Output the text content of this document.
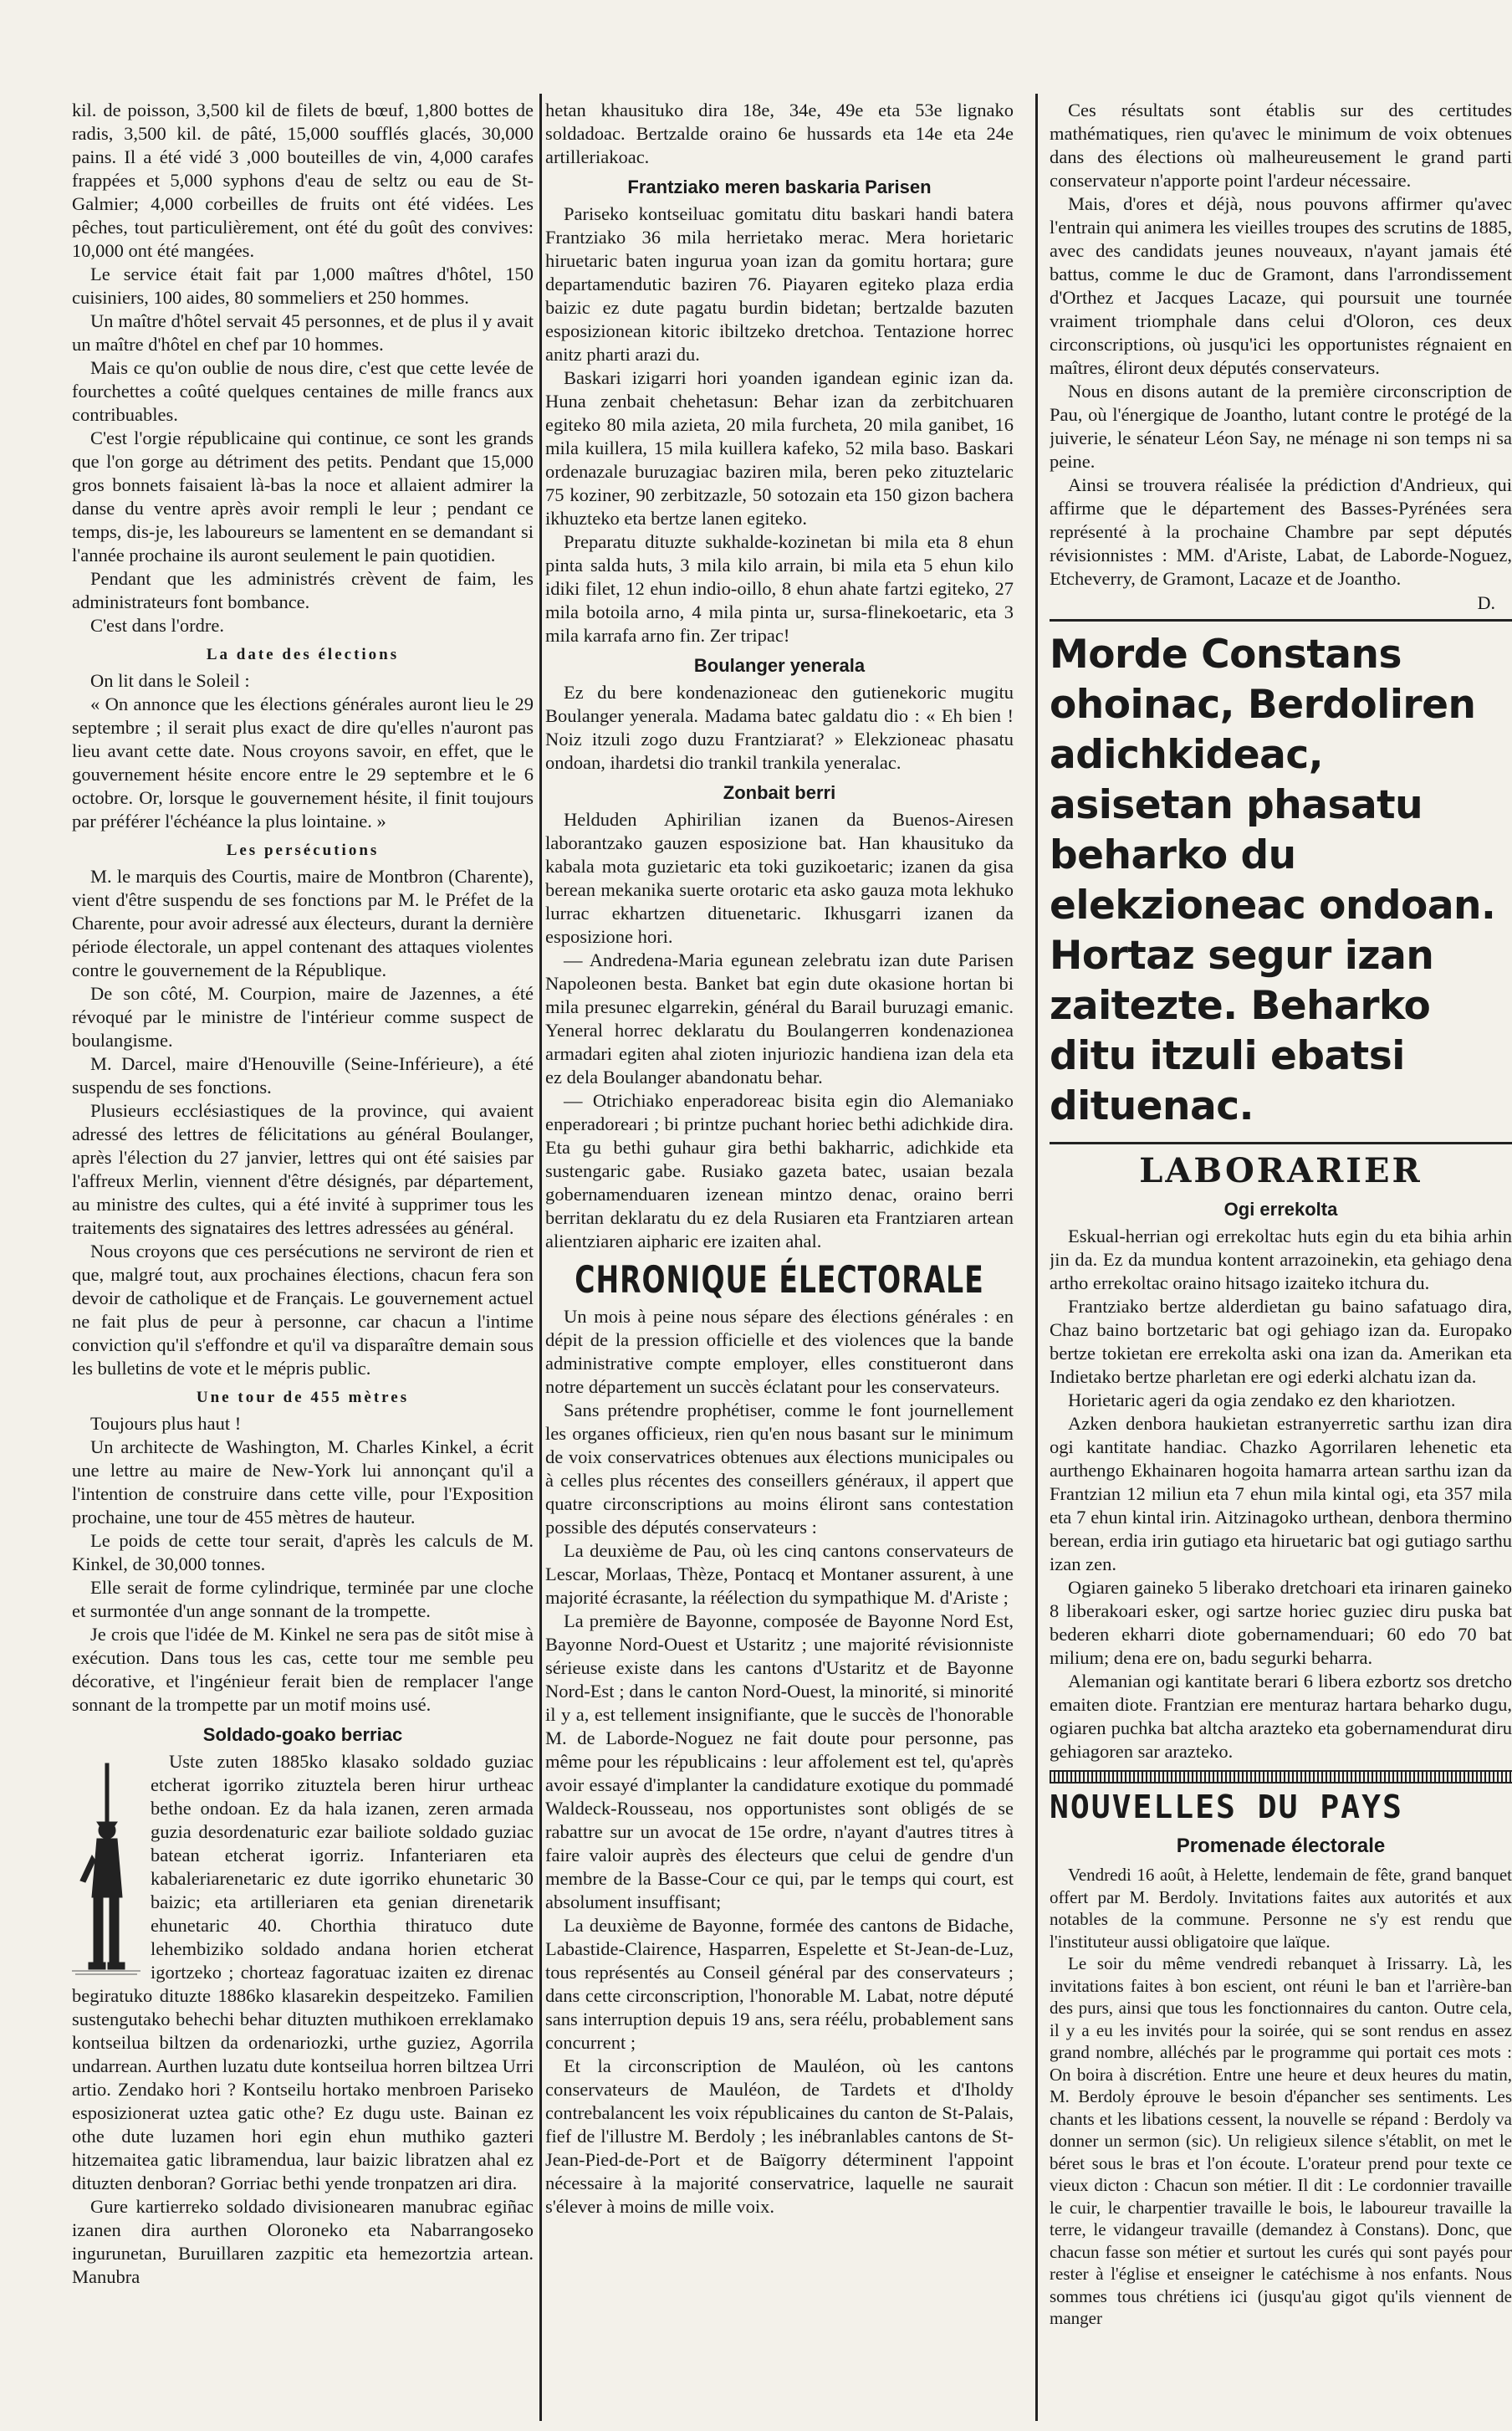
kil. de poisson, 3,500 kil de filets de bœuf, 1,800 bottes de radis, 3,500 kil. de pâté, 15,000 soufflés glacés, 30,000 pains. Il a été vidé 3 ,000 bouteilles de vin, 4,000 carafes frappées et 5,000 syphons d'eau de seltz ou eau de St-Galmier; 4,000 corbeilles de fruits ont été vidées. Les pêches, tout particulièrement, ont été du goût des convives: 10,000 ont été mangées.

Le service était fait par 1,000 maîtres d'hôtel, 150 cuisiniers, 100 aides, 80 sommeliers et 250 hommes.

Un maître d'hôtel servait 45 personnes, et de plus il y avait un maître d'hôtel en chef par 10 hommes.

Mais ce qu'on oublie de nous dire, c'est que cette levée de fourchettes a coûté quelques centaines de mille francs aux contribuables.

C'est l'orgie républicaine qui continue, ce sont les grands que l'on gorge au détriment des petits. Pendant que 15,000 gros bonnets faisaient là-bas la noce et allaient admirer la danse du ventre après avoir rempli le leur ; pendant ce temps, dis-je, les laboureurs se lamentent en se demandant si l'année prochaine ils auront seulement le pain quotidien.

Pendant que les administrés crèvent de faim, les administrateurs font bombance.

C'est dans l'ordre.

La date des élections

On lit dans le Soleil :

« On annonce que les élections générales auront lieu le 29 septembre ; il serait plus exact de dire qu'elles n'auront pas lieu avant cette date. Nous croyons savoir, en effet, que le gouvernement hésite encore entre le 29 septembre et le 6 octobre. Or, lorsque le gouvernement hésite, il finit toujours par préférer l'échéance la plus lointaine. »

Les persécutions

M. le marquis des Courtis, maire de Montbron (Charente), vient d'être suspendu de ses fonctions par M. le Préfet de la Charente, pour avoir adressé aux électeurs, durant la dernière période électorale, un appel contenant des attaques violentes contre le gouvernement de la République.

De son côté, M. Courpion, maire de Jazennes, a été révoqué par le ministre de l'intérieur comme suspect de boulangisme.

M. Darcel, maire d'Henouville (Seine-Inférieure), a été suspendu de ses fonctions.

Plusieurs ecclésiastiques de la province, qui avaient adressé des lettres de félicitations au général Boulanger, après l'élection du 27 janvier, lettres qui ont été saisies par l'affreux Merlin, viennent d'être désignés, par département, au ministre des cultes, qui a été invité à supprimer tous les traitements des signataires des lettres adressées au général.

Nous croyons que ces persécutions ne serviront de rien et que, malgré tout, aux prochaines élections, chacun fera son devoir de catholique et de Français. Le gouvernement actuel ne fait plus de peur à personne, car chacun a l'intime conviction qu'il s'effondre et qu'il va disparaître demain sous les bulletins de vote et le mépris public.

Une tour de 455 mètres

Toujours plus haut !

Un architecte de Washington, M. Charles Kinkel, a écrit une lettre au maire de New-York lui annonçant qu'il a l'intention de construire dans cette ville, pour l'Exposition prochaine, une tour de 455 mètres de hauteur.

Le poids de cette tour serait, d'après les calculs de M. Kinkel, de 30,000 tonnes.

Elle serait de forme cylindrique, terminée par une cloche et surmontée d'un ange sonnant de la trompette.

Je crois que l'idée de M. Kinkel ne sera pas de sitôt mise à exécution. Dans tous les cas, cette tour me semble peu décorative, et l'ingénieur ferait bien de remplacer l'ange sonnant de la trompette par un motif moins usé.

Soldado-goako berriac

Uste zuten 1885ko klasako soldado guziac etcherat igorriko zituztela beren hirur urtheac bethe ondoan. Ez da hala izanen, zeren armada guzia desordenaturic ezar bailiote soldado guziac batean etcherat igorriz. Infanteriaren eta kabaleriarenetaric ez dute igorriko ehunetaric 30 baizic; eta artilleriaren eta genian direnetarik ehunetaric 40. Chorthia thiratuco dute lehembiziko soldado andana horien etcherat igortzeko ; chorteaz fagoratuac izaiten ez direnac begiratuko dituzte 1886ko klasarekin despeitzeko. Familien sustengutako behechi behar dituzten muthikoen erreklamako kontseilua biltzen da ordenariozki, urthe guziez, Agorrila undarrean. Aurthen luzatu dute kontseilua horren biltzea Urri artio. Zendako hori ? Kontseilu hortako menbroen Pariseko esposizionerat uztea gatic othe? Ez dugu uste. Bainan ez othe dute luzamen hori egin ehun muthiko gazteri hitzemaitea gatic libramendua, laur baizic libratzen ahal ez dituzten denboran? Gorriac bethi yende tronpatzen ari dira.

Gure kartierreko soldado divisionearen manubrac egiñac izanen dira aurthen Oloroneko eta Nabarrangoseko ingurunetan, Buruillaren zazpitic eta hemezortzia artean. Manubra

hetan khausituko dira 18e, 34e, 49e eta 53e lignako soldadoac. Bertzalde oraino 6e hussards eta 14e eta 24e artilleriakoac.

Frantziako meren baskaria Parisen

Pariseko kontseiluac gomitatu ditu baskari handi batera Frantziako 36 mila herrietako merac. Mera horietaric hiruetaric baten ingurua yoan izan da gomitu hortara; gure departamendutic baziren 76. Piayaren egiteko plaza erdia baizic ez dute pagatu burdin bidetan; bertzalde bazuten esposizionean kitoric ibiltzeko dretchoa. Tentazione horrec anitz pharti arazi du.

Baskari izigarri hori yoanden igandean eginic izan da. Huna zenbait chehetasun: Behar izan da zerbitchuaren egiteko 80 mila azieta, 20 mila furcheta, 20 mila ganibet, 16 mila kuillera, 15 mila kuillera kafeko, 52 mila baso. Baskari ordenazale buruzagiac baziren mila, beren peko zituztelaric 75 koziner, 90 zerbitzazle, 50 sotozain eta 150 gizon bachera ikhuzteko eta bertze lanen egiteko.

Preparatu dituzte sukhalde-kozinetan bi mila eta 8 ehun pinta salda huts, 3 mila kilo arrain, bi mila eta 5 ehun kilo idiki filet, 12 ehun indio-oillo, 8 ehun ahate fartzi egiteko, 27 mila botoila arno, 4 mila pinta ur, sursa-flinekoetaric, eta 3 mila karrafa arno fin. Zer tripac!

Boulanger yenerala

Ez du bere kondenazioneac den gutienekoric mugitu Boulanger yenerala. Madama batec galdatu dio : « Eh bien ! Noiz itzuli zogo duzu Frantziarat? » Elekzioneac phasatu ondoan, ihardetsi dio trankil trankila yeneralac.

Zonbait berri

Helduden Aphirilian izanen da Buenos-Airesen laborantzako gauzen esposizione bat. Han khausituko da kabala mota guzietaric eta toki guzikoetaric; izanen da gisa berean mekanika suerte orotaric eta asko gauza mota lekhuko lurrac ekhartzen dituenetaric. Ikhusgarri izanen da esposizione hori.

— Andredena-Maria egunean zelebratu izan dute Parisen Napoleonen besta. Banket bat egin dute okasione hortan bi mila presunec elgarrekin, général du Barail buruzagi emanic. Yeneral horrec deklaratu du Boulangerren kondenazionea armadari egiten ahal zioten injuriozic handiena izan dela eta ez dela Boulanger abandonatu behar.

— Otrichiako enperadoreac bisita egin dio Alemaniako enperadoreari ; bi printze puchant horiec bethi adichkide dira. Eta gu bethi guhaur gira bethi bakharric, adichkide eta sustengaric gabe. Rusiako gazeta batec, usaian bezala gobernamenduaren izenean mintzo denac, oraino berri berritan deklaratu du ez dela Rusiaren eta Frantziaren artean alientziaren aipharic ere izaiten ahal.

CHRONIQUE ÉLECTORALE

Un mois à peine nous sépare des élections générales : en dépit de la pression officielle et des violences que la bande administrative compte employer, elles constitueront dans notre département un succès éclatant pour les conservateurs.

Sans prétendre prophétiser, comme le font journellement les organes officieux, rien qu'en nous basant sur le minimum de voix conservatrices obtenues aux élections municipales ou à celles plus récentes des conseillers généraux, il appert que quatre circonscriptions au moins éliront sans contestation possible des députés conservateurs :

La deuxième de Pau, où les cinq cantons conservateurs de Lescar, Morlaas, Thèze, Pontacq et Montaner assurent, à une majorité écrasante, la réélection du sympathique M. d'Ariste ;

La première de Bayonne, composée de Bayonne Nord Est, Bayonne Nord-Ouest et Ustaritz ; une majorité révisionniste sérieuse existe dans les cantons d'Ustaritz et de Bayonne Nord-Est ; dans le canton Nord-Ouest, la minorité, si minorité il y a, est tellement insignifiante, que le succès de l'honorable M. de Laborde-Noguez ne fait doute pour personne, pas même pour les républicains : leur affolement est tel, qu'après avoir essayé d'implanter la candidature exotique du pommadé Waldeck-Rousseau, nos opportunistes sont obligés de se rabattre sur un avocat de 15e ordre, n'ayant d'autres titres à faire valoir auprès des électeurs que celui de gendre d'un membre de la Basse-Cour ce qui, par le temps qui court, est absolument insuffisant;

La deuxième de Bayonne, formée des cantons de Bidache, Labastide-Clairence, Hasparren, Espelette et St-Jean-de-Luz, tous représentés au Conseil général par des conservateurs ; dans cette circonscription, l'honorable M. Labat, notre député sans interruption depuis 19 ans, sera réélu, probablement sans concurrent ;

Et la circonscription de Mauléon, où les cantons conservateurs de Mauléon, de Tardets et d'Iholdy contrebalancent les voix républicaines du canton de St-Palais, fief de l'illustre M. Berdoly ; les inébranlables cantons de St-Jean-Pied-de-Port et de Baïgorry déterminent l'appoint nécessaire à la majorité conservatrice, laquelle ne saurait s'élever à moins de mille voix.

Ces résultats sont établis sur des certitudes mathématiques, rien qu'avec le minimum de voix obtenues dans des élections où malheureusement le grand parti conservateur n'apporte point l'ardeur nécessaire.

Mais, d'ores et déjà, nous pouvons affirmer qu'avec l'entrain qui animera les vieilles troupes des scrutins de 1885, avec des candidats jeunes nouveaux, n'ayant jamais été battus, comme le duc de Gramont, dans l'arrondissement d'Orthez et Jacques Lacaze, qui poursuit une tournée vraiment triomphale dans celui d'Oloron, ces deux circonscriptions, où jusqu'ici les opportunistes régnaient en maîtres, éliront deux députés conservateurs.

Nous en disons autant de la première circonscription de Pau, où l'énergique de Joantho, lutant contre le protégé de la juiverie, le sénateur Léon Say, ne ménage ni son temps ni sa peine.

Ainsi se trouvera réalisée la prédiction d'Andrieux, qui affirme que le département des Basses-Pyrénées sera représenté à la prochaine Chambre par sept députés révisionnistes : MM. d'Ariste, Labat, de Laborde-Noguez, Etcheverry, de Gramont, Lacaze et de Joantho.

D.
Morde Constans ohoinac, Berdoliren adichkideac, asisetan phasatu beharko du elekzioneac ondoan. Hortaz segur izan zaitezte. Beharko ditu itzuli ebatsi dituenac.
LABORARIER
Ogi errekolta

Eskual-herrian ogi errekoltac huts egin du eta bihia arhin jin da. Ez da mundua kontent arrazoinekin, eta gehiago dena artho errekoltac oraino hitsago izaiteko itchura du.

Frantziako bertze alderdietan gu baino safatuago dira, Chaz baino bortzetaric bat ogi gehiago izan da. Europako bertze tokietan ere errekolta aski ona izan da. Amerikan eta Indietako bertze pharletan ere ogi ederki alchatu izan da.

Horietaric ageri da ogia zendako ez den khariotzen.

Azken denbora haukietan estranyerretic sarthu izan dira ogi kantitate handiac. Chazko Agorrilaren lehenetic eta aurthengo Ekhainaren hogoita hamarra artean sarthu izan da Frantzian 12 miliun eta 7 ehun mila kintal ogi, eta 357 mila eta 7 ehun kintal irin. Aitzinagoko urthean, denbora thermino berean, erdia irin gutiago eta hiruetaric bat ogi gutiago sarthu izan zen.

Ogiaren gaineko 5 liberako dretchoari eta irinaren gaineko 8 liberakoari esker, ogi sartze horiec guziec diru puska bat bederen ekharri diote gobernamenduari; 60 edo 70 bat milium; dena ere on, badu segurki beharra.

Alemanian ogi kantitate berari 6 libera ezbortz sos dretcho emaiten diote. Frantzian ere menturaz hartara beharko dugu, ogiaren puchka bat altcha arazteko eta gobernamendurat diru gehiagoren sar arazteko.

NOUVELLES DU PAYS
Promenade électorale

Vendredi 16 août, à Helette, lendemain de fête, grand banquet offert par M. Berdoly. Invitations faites aux autorités et aux notables de la commune. Personne ne s'y est rendu que l'instituteur aussi obligatoire que laïque.

Le soir du même vendredi rebanquet à Irissarry. Là, les invitations faites à bon escient, ont réuni le ban et l'arrière-ban des purs, ainsi que tous les fonctionnaires du canton. Outre cela, il y a eu les invités pour la soirée, qui se sont rendus en assez grand nombre, alléchés par le programme qui portait ces mots : On boira à discrétion. Entre une heure et deux heures du matin, M. Berdoly éprouve le besoin d'épancher ses sentiments. Les chants et les libations cessent, la nouvelle se répand : Berdoly va donner un sermon (sic). Un religieux silence s'établit, on met le béret sous le bras et l'on écoute. L'orateur prend pour texte ce vieux dicton : Chacun son métier. Il dit : Le cordonnier travaille le cuir, le charpentier travaille le bois, le laboureur travaille la terre, le vidangeur travaille (demandez à Constans). Donc, que chacun fasse son métier et surtout les curés qui sont payés pour rester à l'église et enseigner le catéchisme à nos enfants. Nous sommes tous chrétiens ici (jusqu'au gigot qu'ils viennent de manger
